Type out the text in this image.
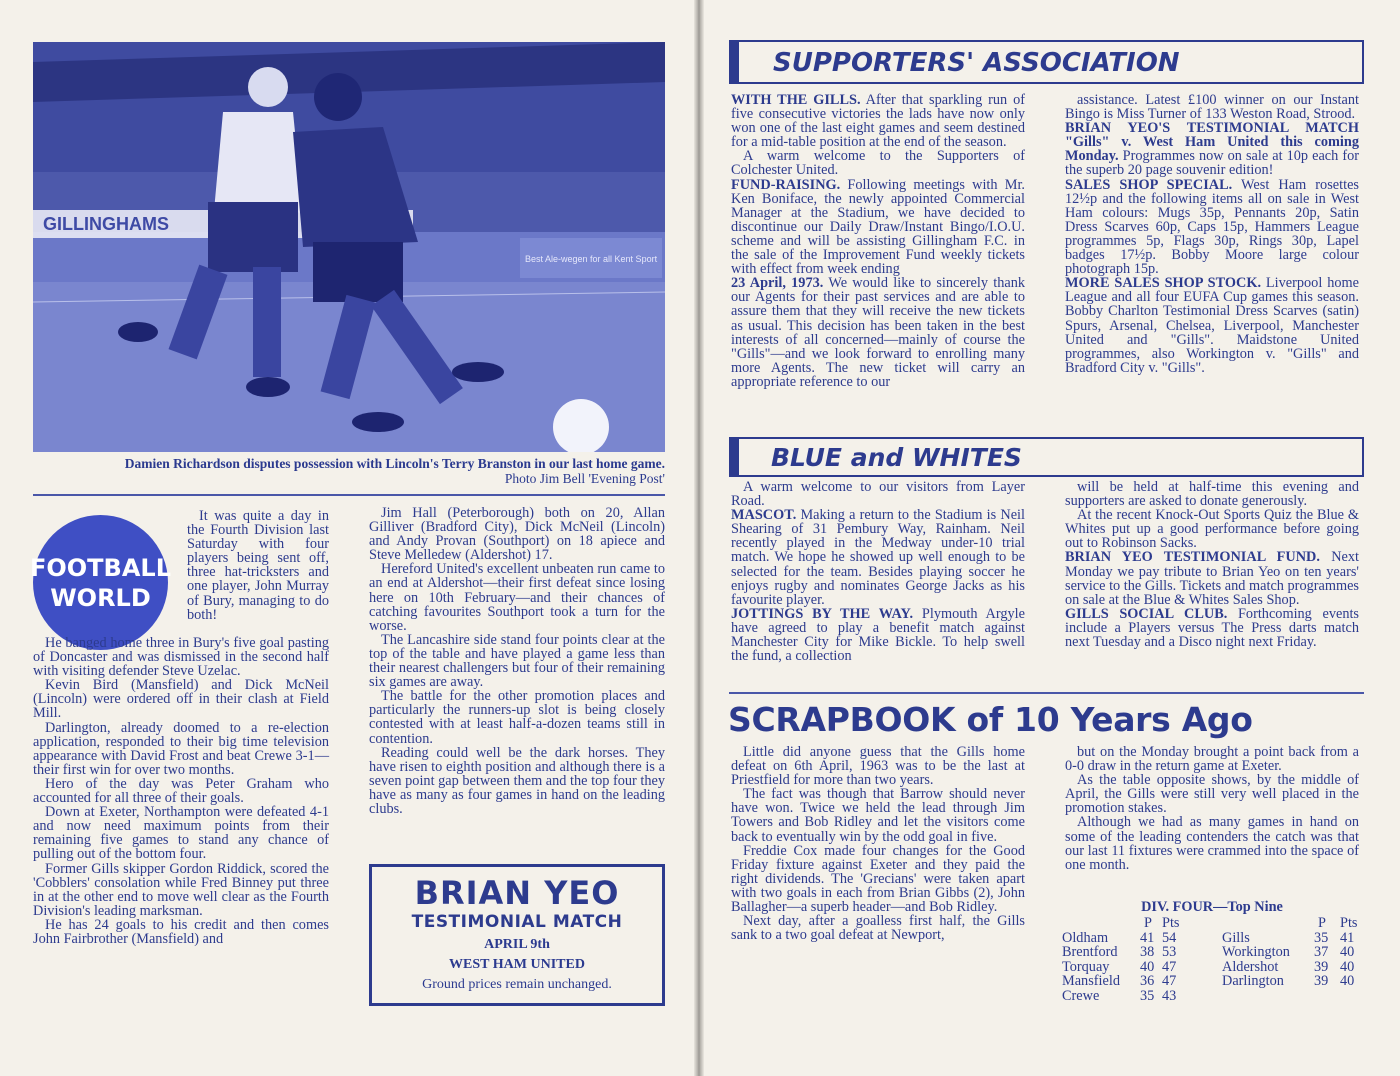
GILLINGHAMS
Best Ale-wegen for all Kent Sport
Damien Richardson disputes possession with Lincoln's Terry Branston in our last home game.
Photo Jim Bell 'Evening Post'
FOOTBALL
WORLD

It was quite a day in the Fourth Division last Saturday with four players being sent off, three hat-tricksters and one player, John Murray of Bury, managing to do both!

He banged home three in Bury's five goal pasting of Doncaster and was dismissed in the second half with visiting defender Steve Uzelac.

Kevin Bird (Mansfield) and Dick McNeil (Lincoln) were ordered off in their clash at Field Mill.

Darlington, already doomed to a re-election application, responded to their big time television appearance with David Frost and beat Crewe 3-1—their first win for over two months.

Hero of the day was Peter Graham who accounted for all three of their goals.

Down at Exeter, Northampton were defeated 4-1 and now need maximum points from their remaining five games to stand any chance of pulling out of the bottom four.

Former Gills skipper Gordon Riddick, scored the 'Cobblers' consolation while Fred Binney put three in at the other end to move well clear as the Fourth Division's leading marksman.

He has 24 goals to his credit and then comes John Fairbrother (Mansfield) and

Jim Hall (Peterborough) both on 20, Allan Gilliver (Bradford City), Dick McNeil (Lincoln) and Andy Provan (Southport) on 18 apiece and Steve Melledew (Aldershot) 17.

Hereford United's excellent unbeaten run came to an end at Aldershot—their first defeat since losing here on 10th February—and their chances of catching favourites Southport took a turn for the worse.

The Lancashire side stand four points clear at the top of the table and have played a game less than their nearest challengers but four of their remaining six games are away.

The battle for the other promotion places and particularly the runners-up slot is being closely contested with at least half-a-dozen teams still in contention.

Reading could well be the dark horses. They have risen to eighth position and although there is a seven point gap between them and the top four they have as many as four games in hand on the leading clubs.

BRIAN YEO
TESTIMONIAL MATCH
APRIL 9th
WEST HAM UNITED
Ground prices remain unchanged.
SUPPORTERS' ASSOCIATION

WITH THE GILLS. After that sparkling run of five consecutive victories the lads have now only won one of the last eight games and seem destined for a mid-table position at the end of the season.

A warm welcome to the Supporters of Colchester United.

FUND-RAISING. Following meetings with Mr. Ken Boniface, the newly appointed Commercial Manager at the Stadium, we have decided to discontinue our Daily Draw/Instant Bingo/I.O.U. scheme and will be assisting Gillingham F.C. in the sale of the Improvement Fund weekly tickets with effect from week ending

23 April, 1973. We would like to sincerely thank our Agents for their past services and are able to assure them that they will receive the new tickets as usual. This decision has been taken in the best interests of all concerned—mainly of course the "Gills"—and we look forward to enrolling many more Agents. The new ticket will carry an appropriate reference to our

assistance. Latest £100 winner on our Instant Bingo is Miss Turner of 133 Weston Road, Strood.

BRIAN YEO'S TESTIMONIAL MATCH "Gills" v. West Ham United this coming Monday. Programmes now on sale at 10p each for the superb 20 page souvenir edition!

SALES SHOP SPECIAL. West Ham rosettes 12½p and the following items all on sale in West Ham colours: Mugs 35p, Pennants 20p, Satin Dress Scarves 60p, Caps 15p, Hammers League programmes 5p, Flags 30p, Rings 30p, Lapel badges 17½p. Bobby Moore large colour photograph 15p.

MORE SALES SHOP STOCK. Liverpool home League and all four EUFA Cup games this season. Bobby Charlton Testimonial Dress Scarves (satin) Spurs, Arsenal, Chelsea, Liverpool, Manchester United and "Gills". Maidstone United programmes, also Workington v. "Gills" and Bradford City v. "Gills".

BLUE and WHITES

A warm welcome to our visitors from Layer Road.

MASCOT. Making a return to the Stadium is Neil Shearing of 31 Pembury Way, Rainham. Neil recently played in the Medway under-10 trial match. We hope he showed up well enough to be selected for the team. Besides playing soccer he enjoys rugby and nominates George Jacks as his favourite player.

JOTTINGS BY THE WAY. Plymouth Argyle have agreed to play a benefit match against Manchester City for Mike Bickle. To help swell the fund, a collection

will be held at half-time this evening and supporters are asked to donate generously.

At the recent Knock-Out Sports Quiz the Blue & Whites put up a good performance before going out to Robinson Sacks.

BRIAN YEO TESTIMONIAL FUND. Next Monday we pay tribute to Brian Yeo on ten years' service to the Gills. Tickets and match programmes on sale at the Blue & Whites Sales Shop.

GILLS SOCIAL CLUB. Forthcoming events include a Players versus The Press darts match next Tuesday and a Disco night next Friday.

SCRAPBOOK of 10 Years Ago

Little did anyone guess that the Gills home defeat on 6th April, 1963 was to be the last at Priestfield for more than two years.

The fact was though that Barrow should never have won. Twice we held the lead through Jim Towers and Bob Ridley and let the visitors come back to eventually win by the odd goal in five.

Freddie Cox made four changes for the Good Friday fixture against Exeter and they paid the right dividends. The 'Grecians' were taken apart with two goals in each from Brian Gibbs (2), John Ballagher—a superb header—and Bob Ridley.

Next day, after a goalless first half, the Gills sank to a two goal defeat at Newport,

but on the Monday brought a point back from a 0-0 draw in the return game at Exeter.

As the table opposite shows, by the middle of April, the Gills were still very well placed in the promotion stakes.

Although we had as many games in hand on some of the leading contenders the catch was that our last 11 fixtures were crammed into the space of one month.

DIV. FOUR—Top Nine
P Pts
Oldham 41 54
Brentford 38 53
Torquay 40 47
Mansfield 36 47
Crewe	35 43
P Pts
Gills	35 41
Workington 37 40
Aldershot 39 40
Darlington 39 40
